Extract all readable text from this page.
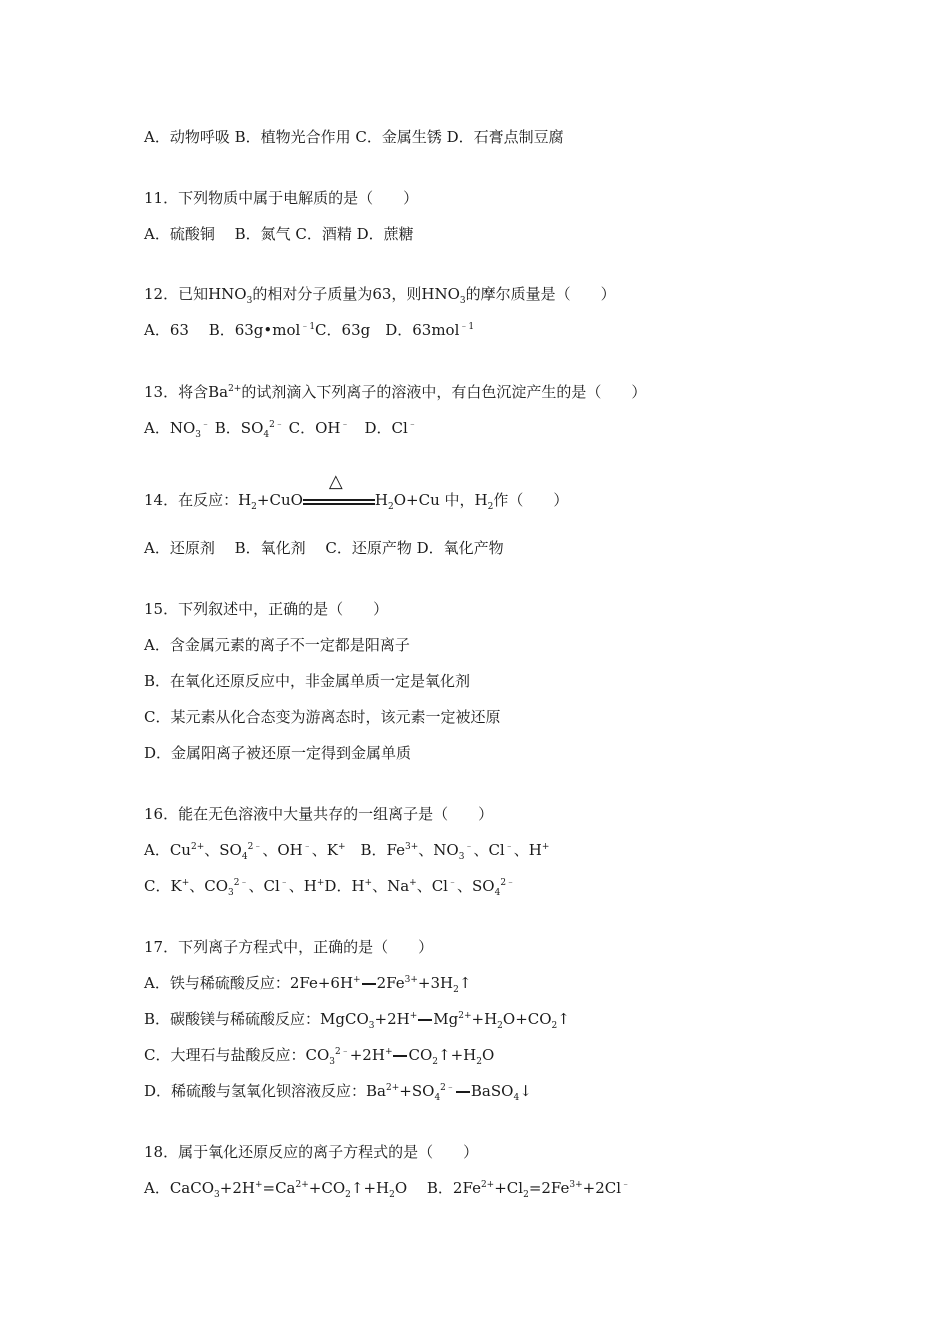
A．动物呼吸 B．植物光合作用 C．金属生锈 D．石膏点制豆腐
11．下列物质中属于电解质的是（　　）
A．硫酸铜　 B．氮气 C．酒精 D．蔗糖
12．已知$HNO_3$的相对分子质量为63，则$HNO_3$的摩尔质量是（　　）
A．63　 B．63g•mol$^{﹣1}$C．63g　D．63mol$^{﹣1}$
13．将含$Ba^{2+}$的试剂滴入下列离子的溶液中，有白色沉淀产生的是（　　）
A．$NO_3^﹣$ B．$SO_4^{2﹣}$ C．OH﹣　D．Cl﹣
14．在反应：$H_2+CuO$
△
$H_2O+Cu$ 中，$H_2$作（　　）
A．还原剂　 B．氧化剂　 C．还原产物 D．氧化产物
15．下列叙述中，正确的是（　　）
A．含金属元素的离子不一定都是阳离子
B．在氧化还原反应中，非金属单质一定是氧化剂
C．某元素从化合态变为游离态时，该元素一定被还原
D．金属阳离子被还原一定得到金属单质
16．能在无色溶液中大量共存的一组离子是（　　）
A．$Cu^{2+}$、$SO_4^{2﹣}$、OH﹣、K+　B．$Fe^{3+}$、$NO_3^﹣$、Cl﹣、H+
C．K+、$CO_3^{2﹣}$、Cl﹣、H+D．H+、Na+、Cl﹣、$SO_4^{2﹣}$
17．下列离子方程式中，正确的是（　　）
A．铁与稀硫酸反应：2Fe+6H+ $2Fe^{3+}+3H_2↑$
B．碳酸镁与稀硫酸反应：MgCO$_3$+2H+ $Mg^{2+}+H_2O+CO_2↑$
C．大理石与盐酸反应：$CO_3^{2﹣}+2H^+$ $CO_2↑+H_2O$
D．稀硫酸与氢氧化钡溶液反应：$Ba^{2+}+SO_4^{2﹣}$ BaSO$_4$↓
18．属于氧化还原反应的离子方程式的是（　　）
A．$CaCO_3+2H^+=Ca^{2+}+CO_2↑+H_2O$　 B．$2Fe^{2+}+Cl_2=2Fe^{3+}+2Cl^﹣$
